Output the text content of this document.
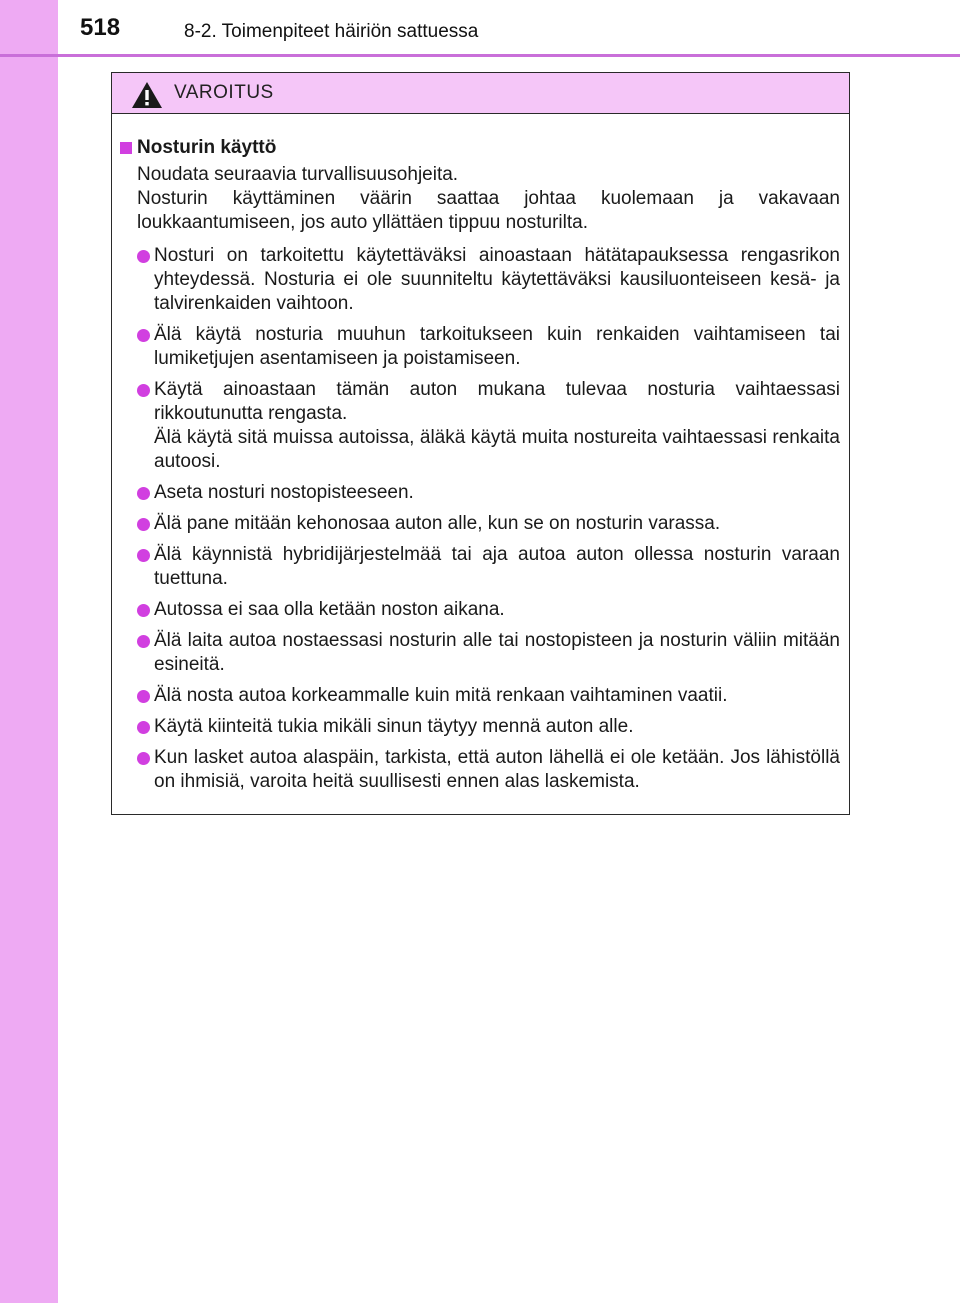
518	8-2. Toimenpiteet häiriön sattuessa
VAROITUS
Nosturin käyttö

Noudata seuraavia turvallisuusohjeita.

Nosturin käyttäminen väärin saattaa johtaa kuolemaan ja vakavaan loukkaantumiseen, jos auto yllättäen tippuu nosturilta.

Nosturi on tarkoitettu käytettäväksi ainoastaan hätätapauksessa rengasrikon yhteydessä. Nosturia ei ole suunniteltu käytettäväksi kausiluonteiseen kesä- ja talvirenkaiden vaihtoon.

Älä käytä nosturia muuhun tarkoitukseen kuin renkaiden vaihtamiseen tai lumiketjujen asentamiseen ja poistamiseen.

Käytä ainoastaan tämän auton mukana tulevaa nosturia vaihtaessasi rikkoutunutta rengasta.

Älä käytä sitä muissa autoissa, äläkä käytä muita nostureita vaihtaessasi renkaita autoosi.

Aseta nosturi nostopisteeseen.

Älä pane mitään kehonosaa auton alle, kun se on nosturin varassa.

Älä käynnistä hybridijärjestelmää tai aja autoa auton ollessa nosturin varaan tuettuna.

Autossa ei saa olla ketään noston aikana.

Älä laita autoa nostaessasi nosturin alle tai nostopisteen ja nosturin väliin mitään esineitä.

Älä nosta autoa korkeammalle kuin mitä renkaan vaihtaminen vaatii.

Käytä kiinteitä tukia mikäli sinun täytyy mennä auton alle.

Kun lasket autoa alaspäin, tarkista, että auton lähellä ei ole ketään. Jos lähistöllä on ihmisiä, varoita heitä suullisesti ennen alas laskemista.
